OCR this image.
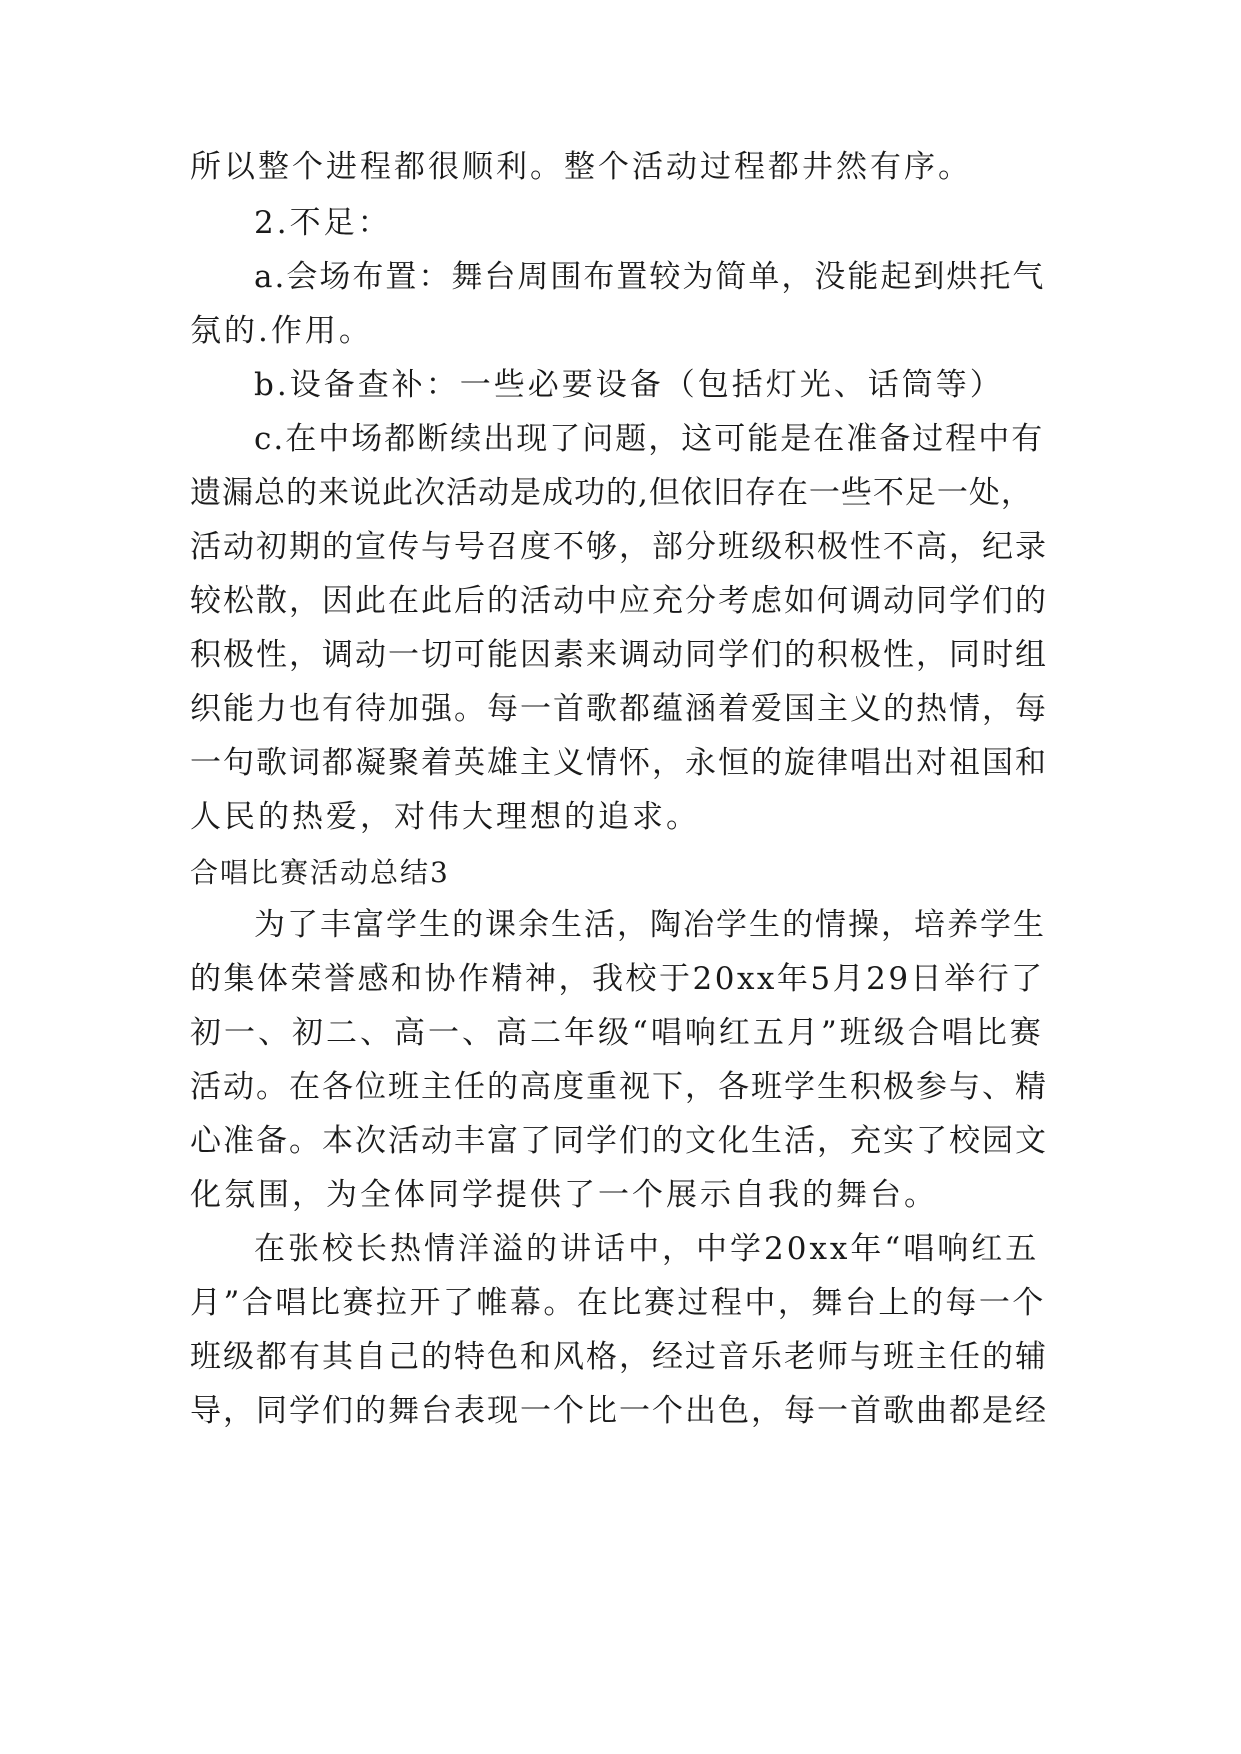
所以整个进程都很顺利。整个活动过程都井然有序。
2.不足：
a.会场布置：舞台周围布置较为简单，没能起到烘托气
氛的.作用。
b.设备查补：一些必要设备（包括灯光、话筒等）
c.在中场都断续出现了问题，这可能是在准备过程中有
遗漏总的来说此次活动是成功的,但依旧存在一些不足一处，
活动初期的宣传与号召度不够，部分班级积极性不高，纪录
较松散，因此在此后的活动中应充分考虑如何调动同学们的
积极性，调动一切可能因素来调动同学们的积极性，同时组
织能力也有待加强。每一首歌都蕴涵着爱国主义的热情，每
一句歌词都凝聚着英雄主义情怀，永恒的旋律唱出对祖国和
人民的热爱，对伟大理想的追求。
合唱比赛活动总结3
为了丰富学生的课余生活，陶冶学生的情操，培养学生
的集体荣誉感和协作精神，我校于20xx年5月29日举行了
初一、初二、高一、高二年级“唱响红五月”班级合唱比赛
活动。在各位班主任的高度重视下，各班学生积极参与、精
心准备。本次活动丰富了同学们的文化生活，充实了校园文
化氛围，为全体同学提供了一个展示自我的舞台。
在张校长热情洋溢的讲话中，中学20xx年“唱响红五
月”合唱比赛拉开了帷幕。在比赛过程中，舞台上的每一个
班级都有其自己的特色和风格，经过音乐老师与班主任的辅
导，同学们的舞台表现一个比一个出色，每一首歌曲都是经
